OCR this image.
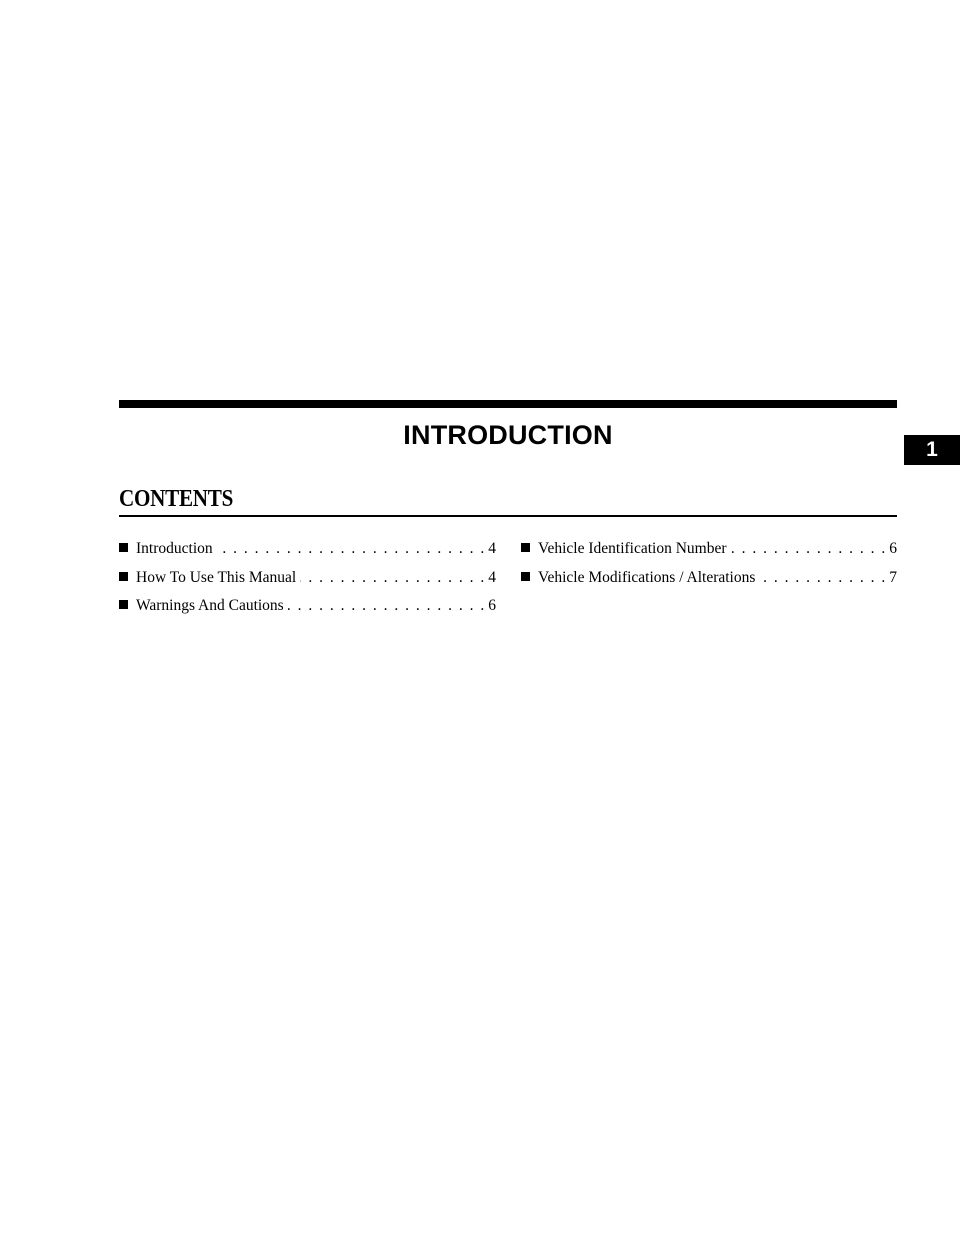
INTRODUCTION	1
CONTENTS
Introduction . . .	4
How To Use This Manual . . .	4
Warnings And Cautions . . .	6
Vehicle Identification Number . . .	6
Vehicle Modifications / Alterations . . .	7
